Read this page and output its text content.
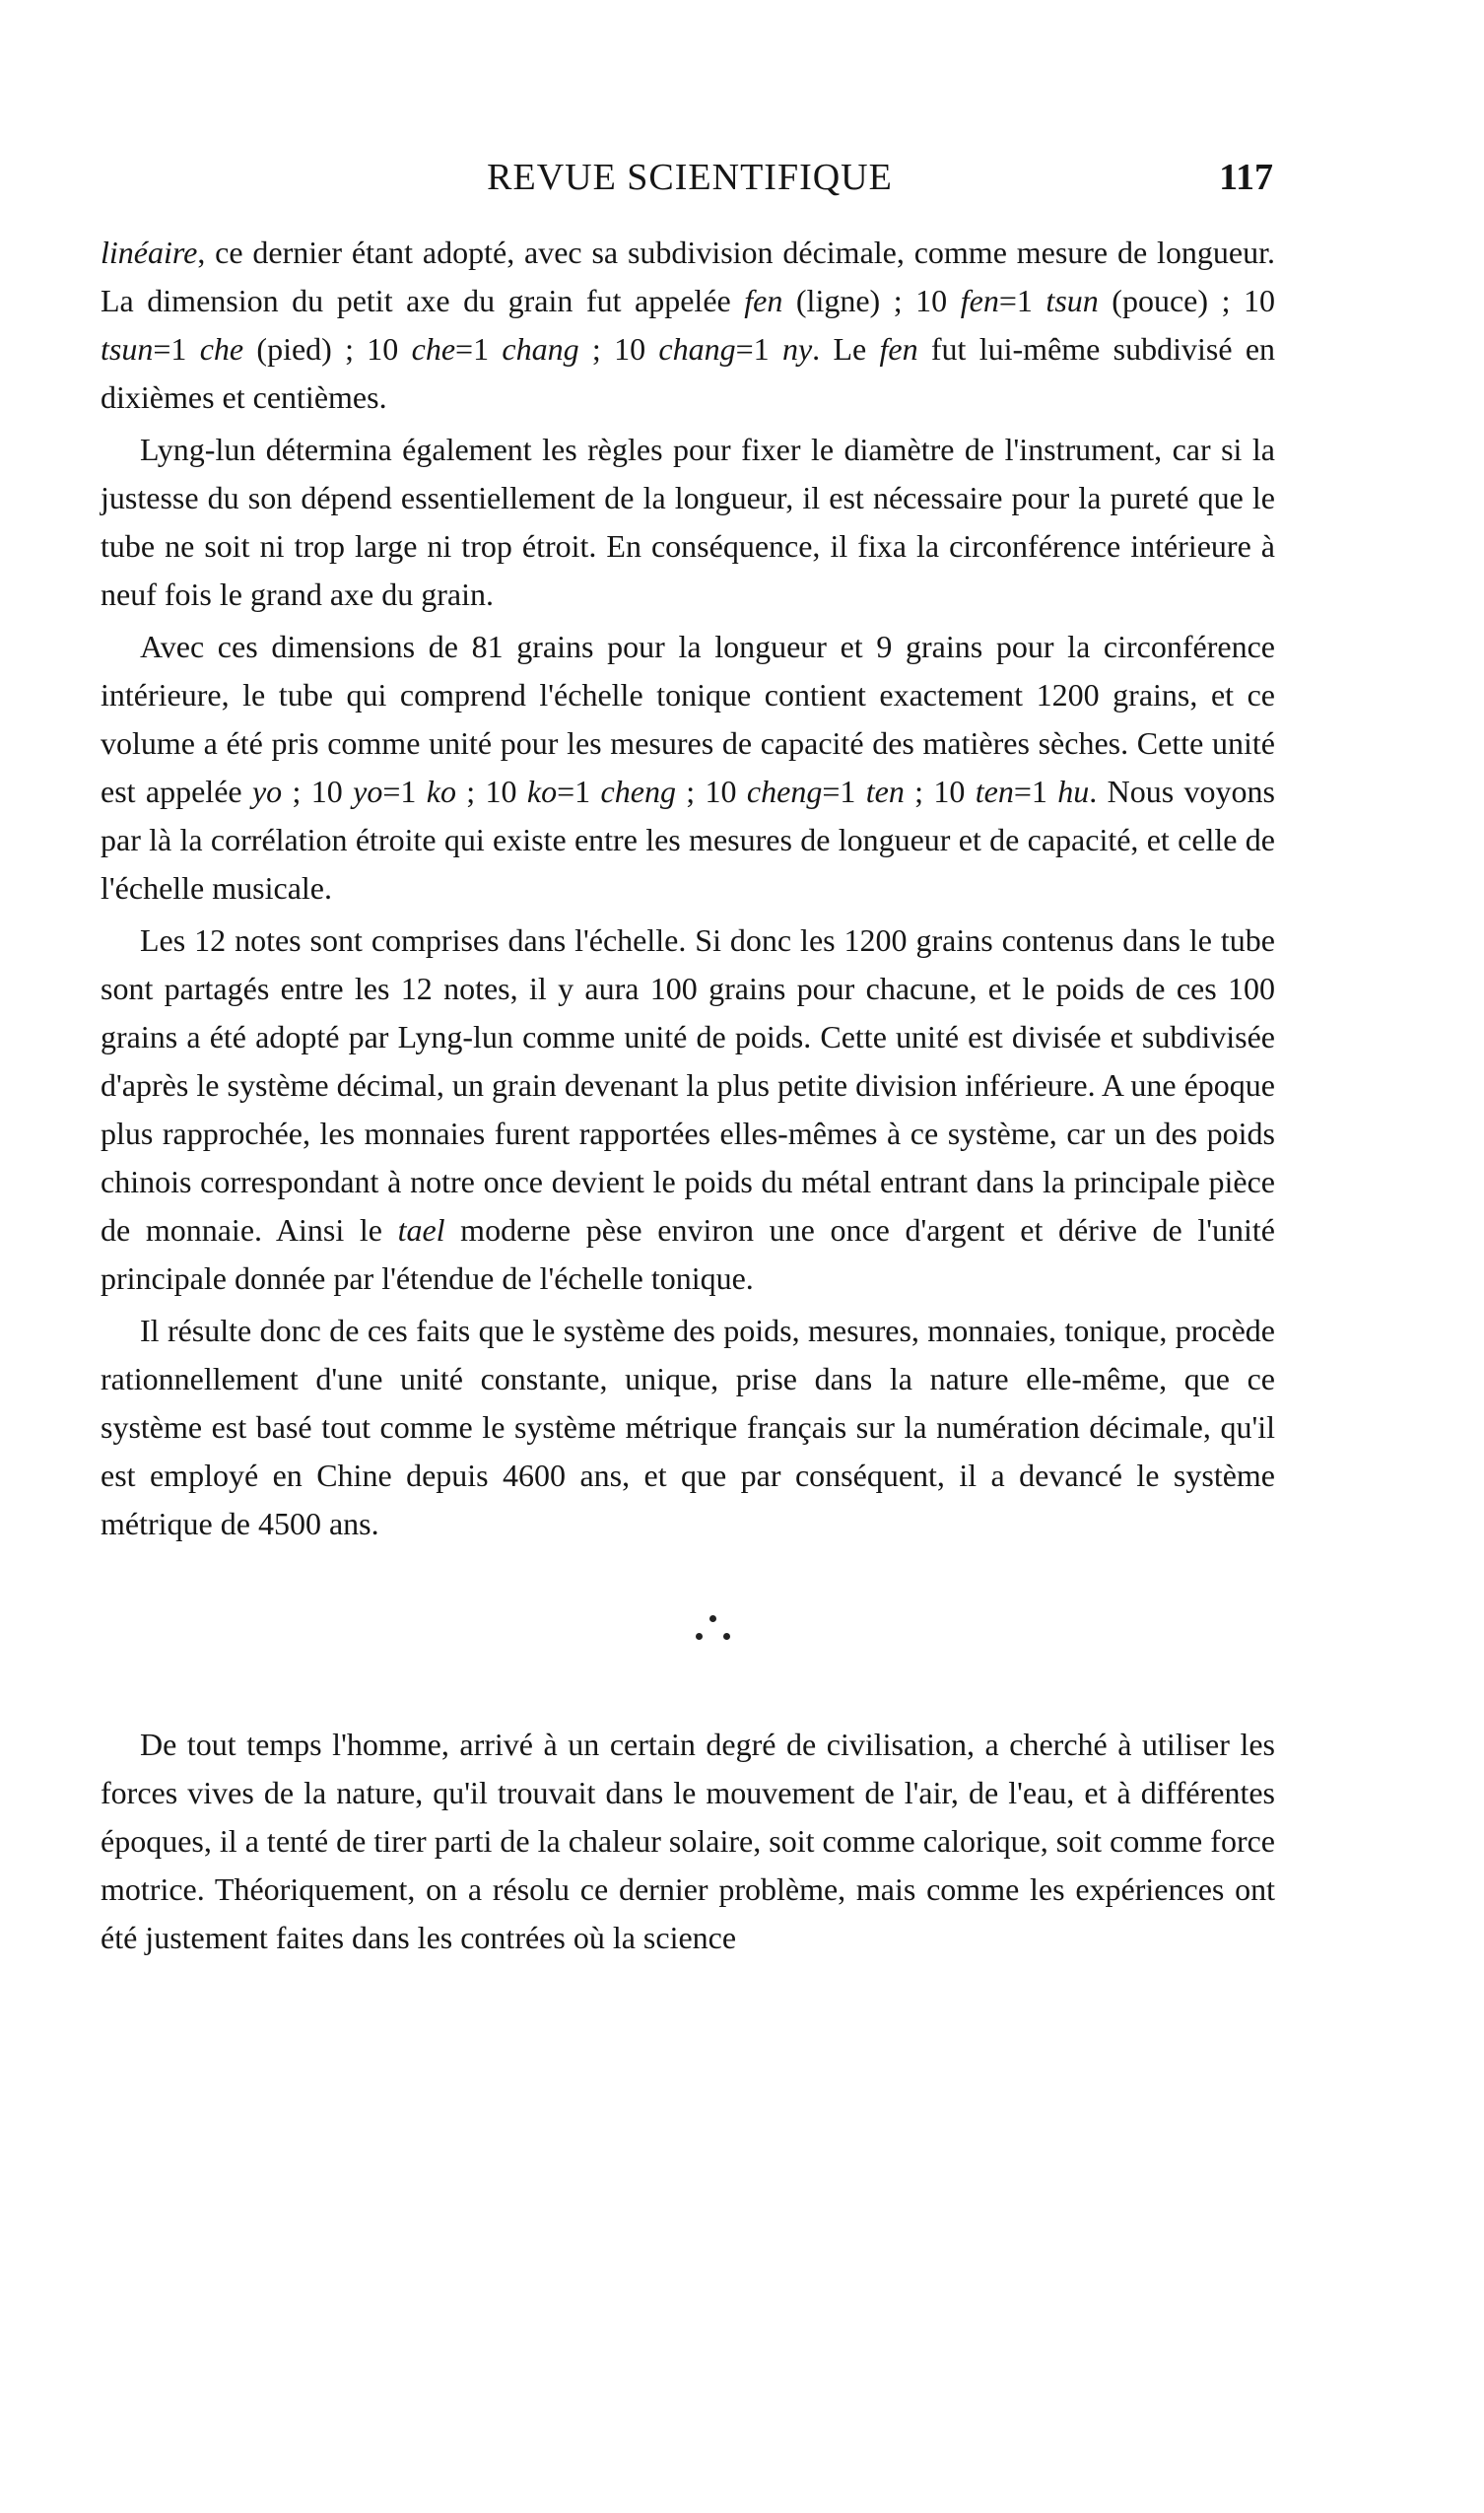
REVUE SCIENTIFIQUE	117

linéaire, ce dernier étant adopté, avec sa subdivision décimale, comme mesure de longueur. La dimension du petit axe du grain fut appelée fen (ligne) ; 10 fen=1 tsun (pouce) ; 10 tsun=1 che (pied) ; 10 che=1 chang ; 10 chang=1 ny. Le fen fut lui-même subdivisé en dixièmes et centièmes.

Lyng-lun détermina également les règles pour fixer le diamètre de l'instrument, car si la justesse du son dépend essentiellement de la longueur, il est nécessaire pour la pureté que le tube ne soit ni trop large ni trop étroit. En conséquence, il fixa la circonférence intérieure à neuf fois le grand axe du grain.

Avec ces dimensions de 81 grains pour la longueur et 9 grains pour la circonférence intérieure, le tube qui comprend l'échelle tonique contient exactement 1200 grains, et ce volume a été pris comme unité pour les mesures de capacité des matières sèches. Cette unité est appelée yo ; 10 yo=1 ko ; 10 ko=1 cheng ; 10 cheng=1 ten ; 10 ten=1 hu. Nous voyons par là la corrélation étroite qui existe entre les mesures de longueur et de capacité, et celle de l'échelle musicale.

Les 12 notes sont comprises dans l'échelle. Si donc les 1200 grains contenus dans le tube sont partagés entre les 12 notes, il y aura 100 grains pour chacune, et le poids de ces 100 grains a été adopté par Lyng-lun comme unité de poids. Cette unité est divisée et subdivisée d'après le système décimal, un grain devenant la plus petite division inférieure. A une époque plus rapprochée, les monnaies furent rapportées elles-mêmes à ce système, car un des poids chinois correspondant à notre once devient le poids du métal entrant dans la principale pièce de monnaie. Ainsi le tael moderne pèse environ une once d'argent et dérive de l'unité principale donnée par l'étendue de l'échelle tonique.

Il résulte donc de ces faits que le système des poids, mesures, monnaies, tonique, procède rationnellement d'une unité constante, unique, prise dans la nature elle-même, que ce système est basé tout comme le système métrique français sur la numération décimale, qu'il est employé en Chine depuis 4600 ans, et que par conséquent, il a devancé le système métrique de 4500 ans.

De tout temps l'homme, arrivé à un certain degré de civilisation, a cherché à utiliser les forces vives de la nature, qu'il trouvait dans le mouvement de l'air, de l'eau, et à différentes époques, il a tenté de tirer parti de la chaleur solaire, soit comme calorique, soit comme force motrice. Théoriquement, on a résolu ce dernier problème, mais comme les expériences ont été justement faites dans les contrées où la science
